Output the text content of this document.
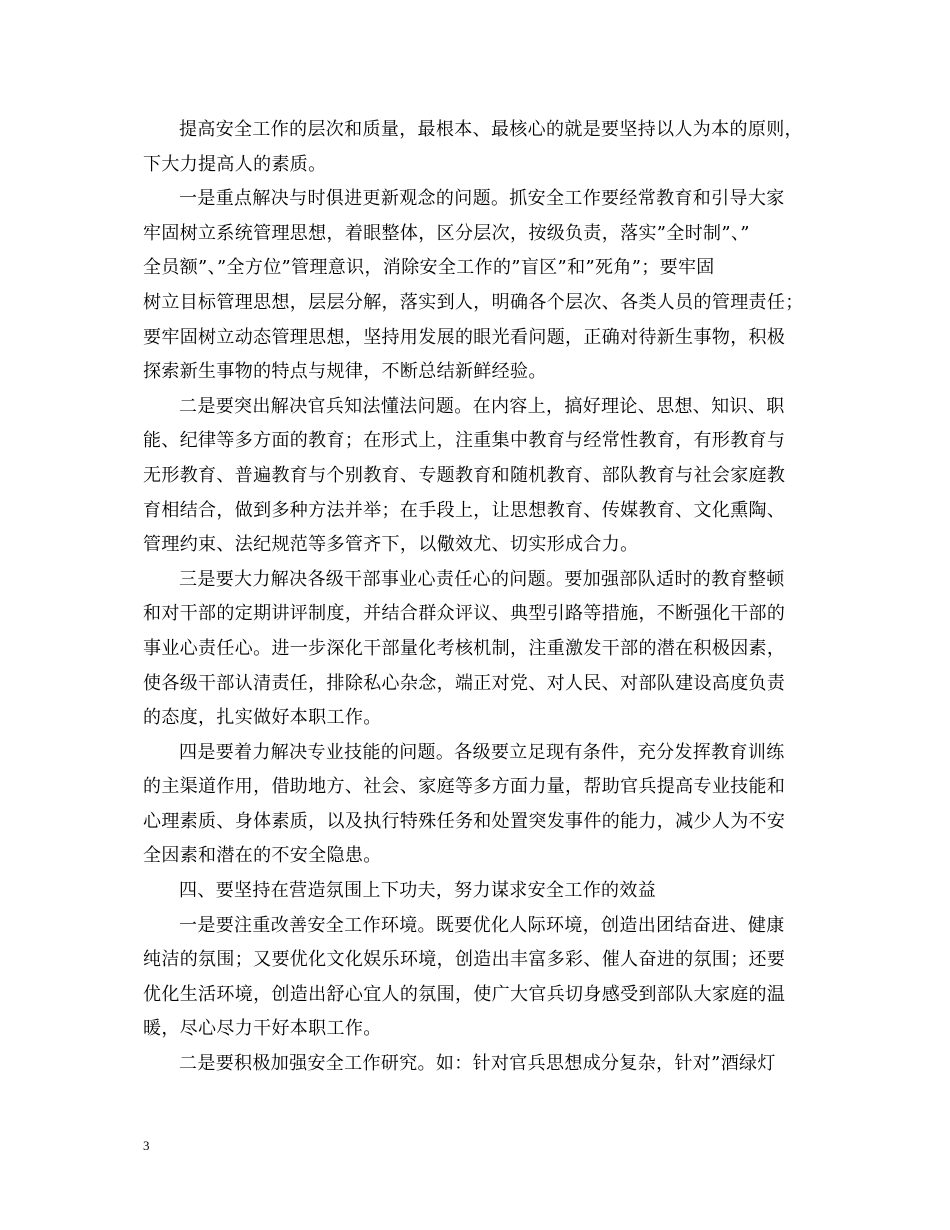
提高安全工作的层次和质量，最根本、最核心的就是要坚持以人为本的原则，
下大力提高人的素质。
一是重点解决与时俱进更新观念的问题。抓安全工作要经常教育和引导大家
牢固树立系统管理思想，着眼整体，区分层次，按级负责，落实”全时制”、”
全员额”、”全方位”管理意识，消除安全工作的”盲区”和”死角”；要牢固
树立目标管理思想，层层分解，落实到人，明确各个层次、各类人员的管理责任；
要牢固树立动态管理思想，坚持用发展的眼光看问题，正确对待新生事物，积极
探索新生事物的特点与规律，不断总结新鲜经验。
二是要突出解决官兵知法懂法问题。在内容上，搞好理论、思想、知识、职
能、纪律等多方面的教育；在形式上，注重集中教育与经常性教育，有形教育与
无形教育、普遍教育与个别教育、专题教育和随机教育、部队教育与社会家庭教
育相结合，做到多种方法并举；在手段上，让思想教育、传媒教育、文化熏陶、
管理约束、法纪规范等多管齐下，以儆效尤、切实形成合力。
三是要大力解决各级干部事业心责任心的问题。要加强部队适时的教育整顿
和对干部的定期讲评制度，并结合群众评议、典型引路等措施，不断强化干部的
事业心责任心。进一步深化干部量化考核机制，注重激发干部的潜在积极因素，
使各级干部认清责任，排除私心杂念，端正对党、对人民、对部队建设高度负责
的态度，扎实做好本职工作。
四是要着力解决专业技能的问题。各级要立足现有条件，充分发挥教育训练
的主渠道作用，借助地方、社会、家庭等多方面力量，帮助官兵提高专业技能和
心理素质、身体素质，以及执行特殊任务和处置突发事件的能力，减少人为不安
全因素和潜在的不安全隐患。
四、要坚持在营造氛围上下功夫，努力谋求安全工作的效益
一是要注重改善安全工作环境。既要优化人际环境，创造出团结奋进、健康
纯洁的氛围；又要优化文化娱乐环境，创造出丰富多彩、催人奋进的氛围；还要
优化生活环境，创造出舒心宜人的氛围，使广大官兵切身感受到部队大家庭的温
暖，尽心尽力干好本职工作。
二是要积极加强安全工作研究。如：针对官兵思想成分复杂，针对”酒绿灯
3
